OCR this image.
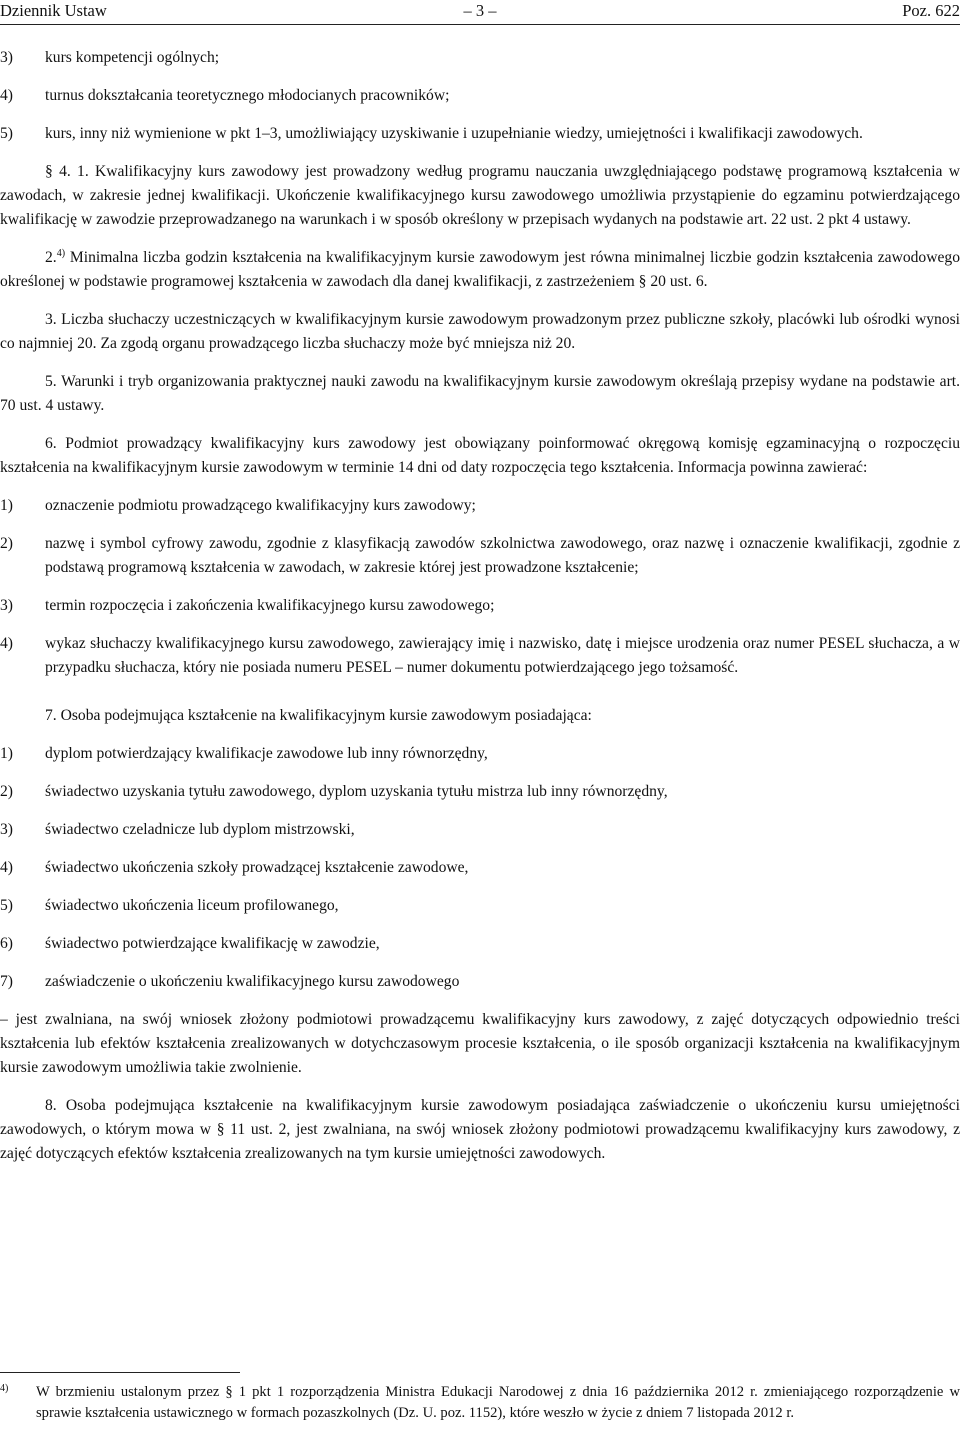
Dziennik Ustaw	– 3 –	Poz. 622
3)	kurs kompetencji ogólnych;
4)	turnus dokształcania teoretycznego młodocianych pracowników;
5)	kurs, inny niż wymienione w pkt 1–3, umożliwiający uzyskiwanie i uzupełnianie wiedzy, umiejętności i kwalifikacji zawodowych.

§ 4. 1. Kwalifikacyjny kurs zawodowy jest prowadzony według programu nauczania uwzględniającego podstawę programową kształcenia w zawodach, w zakresie jednej kwalifikacji. Ukończenie kwalifikacyjnego kursu zawodowego umożliwia przystąpienie do egzaminu potwierdzającego kwalifikację w zawodzie przeprowadzanego na warunkach i w sposób określony w przepisach wydanych na podstawie art. 22 ust. 2 pkt 4 ustawy.

2.$^{4)}$ Minimalna liczba godzin kształcenia na kwalifikacyjnym kursie zawodowym jest równa minimalnej liczbie godzin kształcenia zawodowego określonej w podstawie programowej kształcenia w zawodach dla danej kwalifikacji, z zastrzeżeniem § 20 ust. 6.

3. Liczba słuchaczy uczestniczących w kwalifikacyjnym kursie zawodowym prowadzonym przez publiczne szkoły, placówki lub ośrodki wynosi co najmniej 20. Za zgodą organu prowadzącego liczba słuchaczy może być mniejsza niż 20.

5. Warunki i tryb organizowania praktycznej nauki zawodu na kwalifikacyjnym kursie zawodowym określają przepisy wydane na podstawie art. 70 ust. 4 ustawy.

6. Podmiot prowadzący kwalifikacyjny kurs zawodowy jest obowiązany poinformować okręgową komisję egzaminacyjną o rozpoczęciu kształcenia na kwalifikacyjnym kursie zawodowym w terminie 14 dni od daty rozpoczęcia tego kształcenia. Informacja powinna zawierać:

1)	oznaczenie podmiotu prowadzącego kwalifikacyjny kurs zawodowy;
2)	nazwę i symbol cyfrowy zawodu, zgodnie z klasyfikacją zawodów szkolnictwa zawodowego, oraz nazwę i oznaczenie kwalifikacji, zgodnie z podstawą programową kształcenia w zawodach, w zakresie której jest prowadzone kształcenie;
3)	termin rozpoczęcia i zakończenia kwalifikacyjnego kursu zawodowego;
4)	wykaz słuchaczy kwalifikacyjnego kursu zawodowego, zawierający imię i nazwisko, datę i miejsce urodzenia oraz numer PESEL słuchacza, a w przypadku słuchacza, który nie posiada numeru PESEL – numer dokumentu potwierdzającego jego tożsamość.

7. Osoba podejmująca kształcenie na kwalifikacyjnym kursie zawodowym posiadająca:

1)	dyplom potwierdzający kwalifikacje zawodowe lub inny równorzędny,
2)	świadectwo uzyskania tytułu zawodowego, dyplom uzyskania tytułu mistrza lub inny równorzędny,
3)	świadectwo czeladnicze lub dyplom mistrzowski,
4)	świadectwo ukończenia szkoły prowadzącej kształcenie zawodowe,
5)	świadectwo ukończenia liceum profilowanego,
6)	świadectwo potwierdzające kwalifikację w zawodzie,
7)	zaświadczenie o ukończeniu kwalifikacyjnego kursu zawodowego

– jest zwalniana, na swój wniosek złożony podmiotowi prowadzącemu kwalifikacyjny kurs zawodowy, z zajęć dotyczących odpowiednio treści kształcenia lub efektów kształcenia zrealizowanych w dotychczasowym procesie kształcenia, o ile sposób organizacji kształcenia na kwalifikacyjnym kursie zawodowym umożliwia takie zwolnienie.

8. Osoba podejmująca kształcenie na kwalifikacyjnym kursie zawodowym posiadająca zaświadczenie o ukończeniu kursu umiejętności zawodowych, o którym mowa w § 11 ust. 2, jest zwalniana, na swój wniosek złożony podmiotowi prowadzącemu kwalifikacyjny kurs zawodowy, z zajęć dotyczących efektów kształcenia zrealizowanych na tym kursie umiejętności zawodowych.

4)	W brzmieniu ustalonym przez § 1 pkt 1 rozporządzenia Ministra Edukacji Narodowej z dnia 16 października 2012 r. zmieniającego rozporządzenie w sprawie kształcenia ustawicznego w formach pozaszkolnych (Dz. U. poz. 1152), które weszło w życie z dniem 7 listopada 2012 r.
